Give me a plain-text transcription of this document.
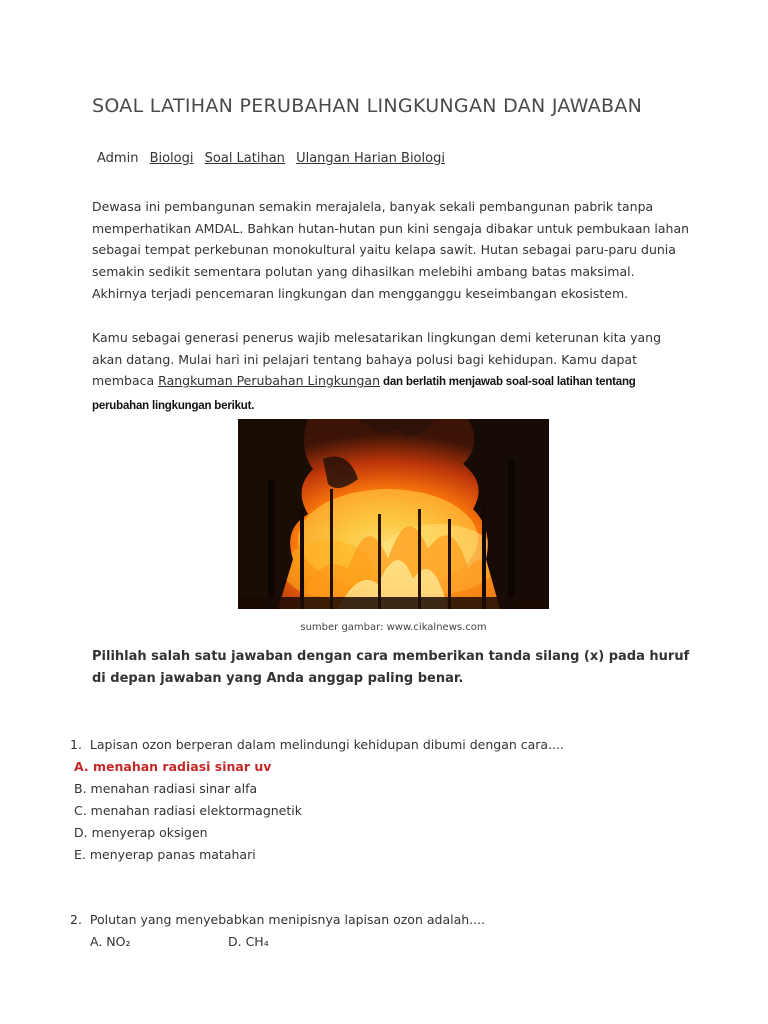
SOAL LATIHAN PERUBAHAN LINGKUNGAN DAN JAWABAN
Admin Biologi Soal Latihan Ulangan Harian Biologi

Dewasa ini pembangunan semakin merajalela, banyak sekali pembangunan pabrik tanpa memperhatikan AMDAL. Bahkan hutan-hutan pun kini sengaja dibakar untuk pembukaan lahan sebagai tempat perkebunan monokultural yaitu kelapa sawit. Hutan sebagai paru-paru dunia semakin sedikit sementara polutan yang dihasilkan melebihi ambang batas maksimal. Akhirnya terjadi pencemaran lingkungan dan mengganggu keseimbangan ekosistem.

Kamu sebagai generasi penerus wajib melesatarikan lingkungan demi keterunan kita yang akan datang. Mulai hari ini pelajari tentang bahaya polusi bagi kehidupan. Kamu dapat membaca Rangkuman Perubahan Lingkungan dan berlatih menjawab soal-soal latihan tentang perubahan lingkungan berikut.

sumber gambar: www.cikalnews.com

Pilihlah salah satu jawaban dengan cara memberikan tanda silang (x) pada huruf di depan jawaban yang Anda anggap paling benar.

1. Lapisan ozon berperan dalam melindungi kehidupan dibumi dengan cara....
A. menahan radiasi sinar uv
B. menahan radiasi sinar alfa
C. menahan radiasi elektormagnetik
D. menyerap oksigen
E. menyerap panas matahari
2. Polutan yang menyebabkan menipisnya lapisan ozon adalah....
A. NO₂	D. CH₄
